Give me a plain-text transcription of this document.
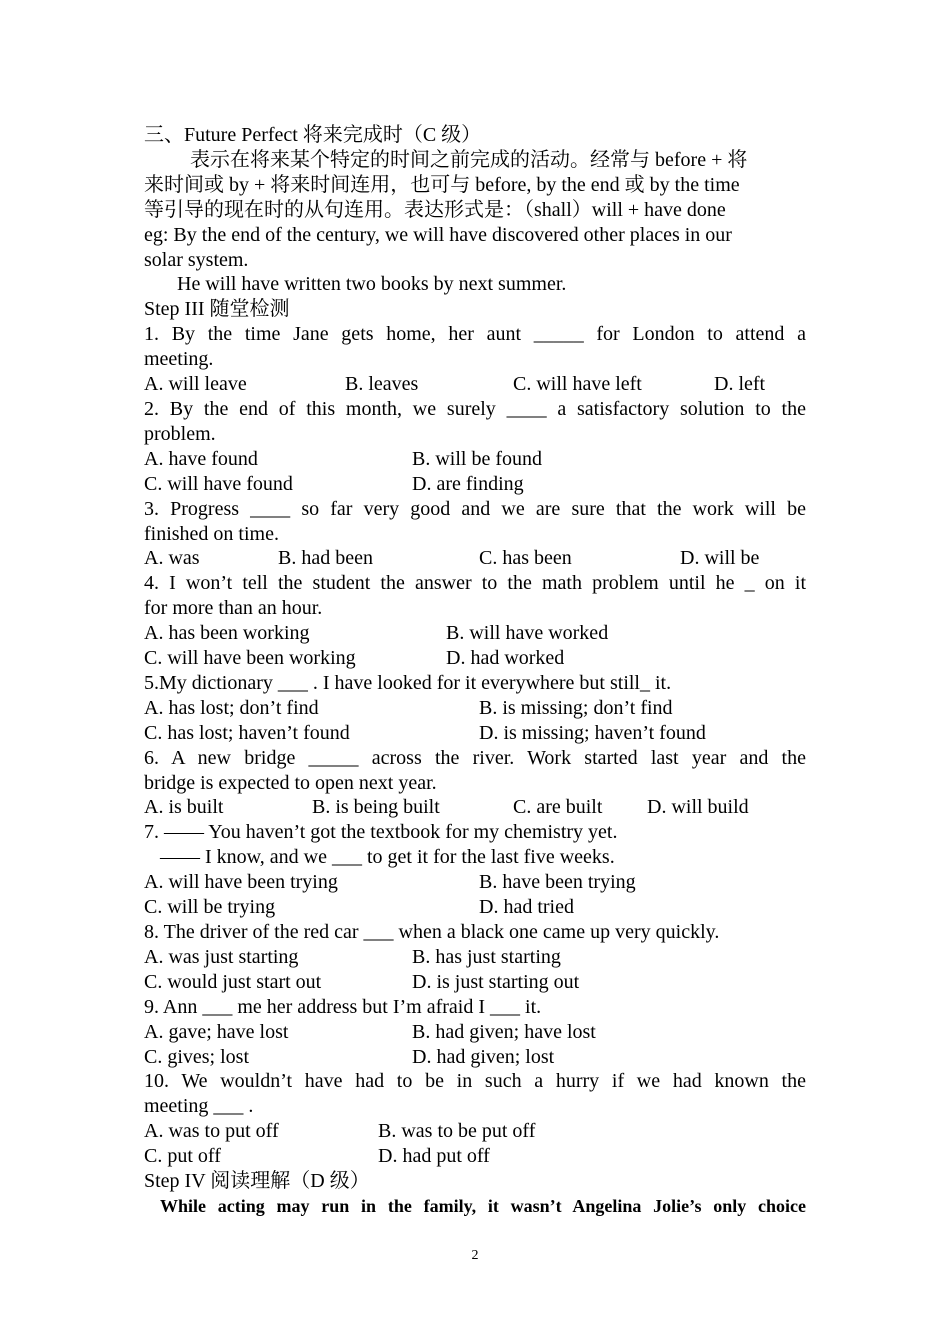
三、Future Perfect 将来完成时（C 级）
表示在将来某个特定的时间之前完成的活动。经常与 before + 将
来时间或 by + 将来时间连用，也可与 before, by the end 或 by the time
等引导的现在时的从句连用。表达形式是：（shall）will + have done
eg: By the end of the century, we will have discovered other places in our
solar system.
He will have written two books by next summer.
Step III 随堂检测
1. By the time Jane gets home, her aunt _____ for London to attend a
meeting.
A. will leave	B. leaves	C. will have left	D. left
2. By the end of this month, we surely ____ a satisfactory solution to the
problem.
A. have found	B. will be found
C. will have found	D. are finding
3. Progress ____ so far very good and we are sure that the work will be
finished on time.
A. was	B. had been	C. has been	D. will be
4. I won’t tell the student the answer to the math problem until he _ on it
for more than an hour.
A. has been working	B. will have worked
C. will have been working	D. had worked
5.My dictionary ___ . I have looked for it everywhere but still_ it.
A. has lost; don’t find	B. is missing; don’t find
C. has lost; haven’t found	D. is missing; haven’t found
6. A new bridge _____ across the river. Work started last year and the
bridge is expected to open next year.
A. is built	B. is being built	C. are built	D. will build
7. —— You haven’t got the textbook for my chemistry yet.
—— I know, and we ___ to get it for the last five weeks.
A. will have been trying	B. have been trying
C. will be trying	D. had tried
8. The driver of the red car ___ when a black one came up very quickly.
A. was just starting	B. has just starting
C. would just start out	D. is just starting out
9. Ann ___ me her address but I’m afraid I ___ it.
A. gave; have lost	B. had given; have lost
C. gives; lost	D. had given; lost
10. We wouldn’t have had to be in such a hurry if we had known the
meeting ___ .
A. was to put off	B. was to be put off
C. put off	D. had put off
Step IV 阅读理解（D 级）
While acting may run in the family, it wasn’t Angelina Jolie’s only choice
2
